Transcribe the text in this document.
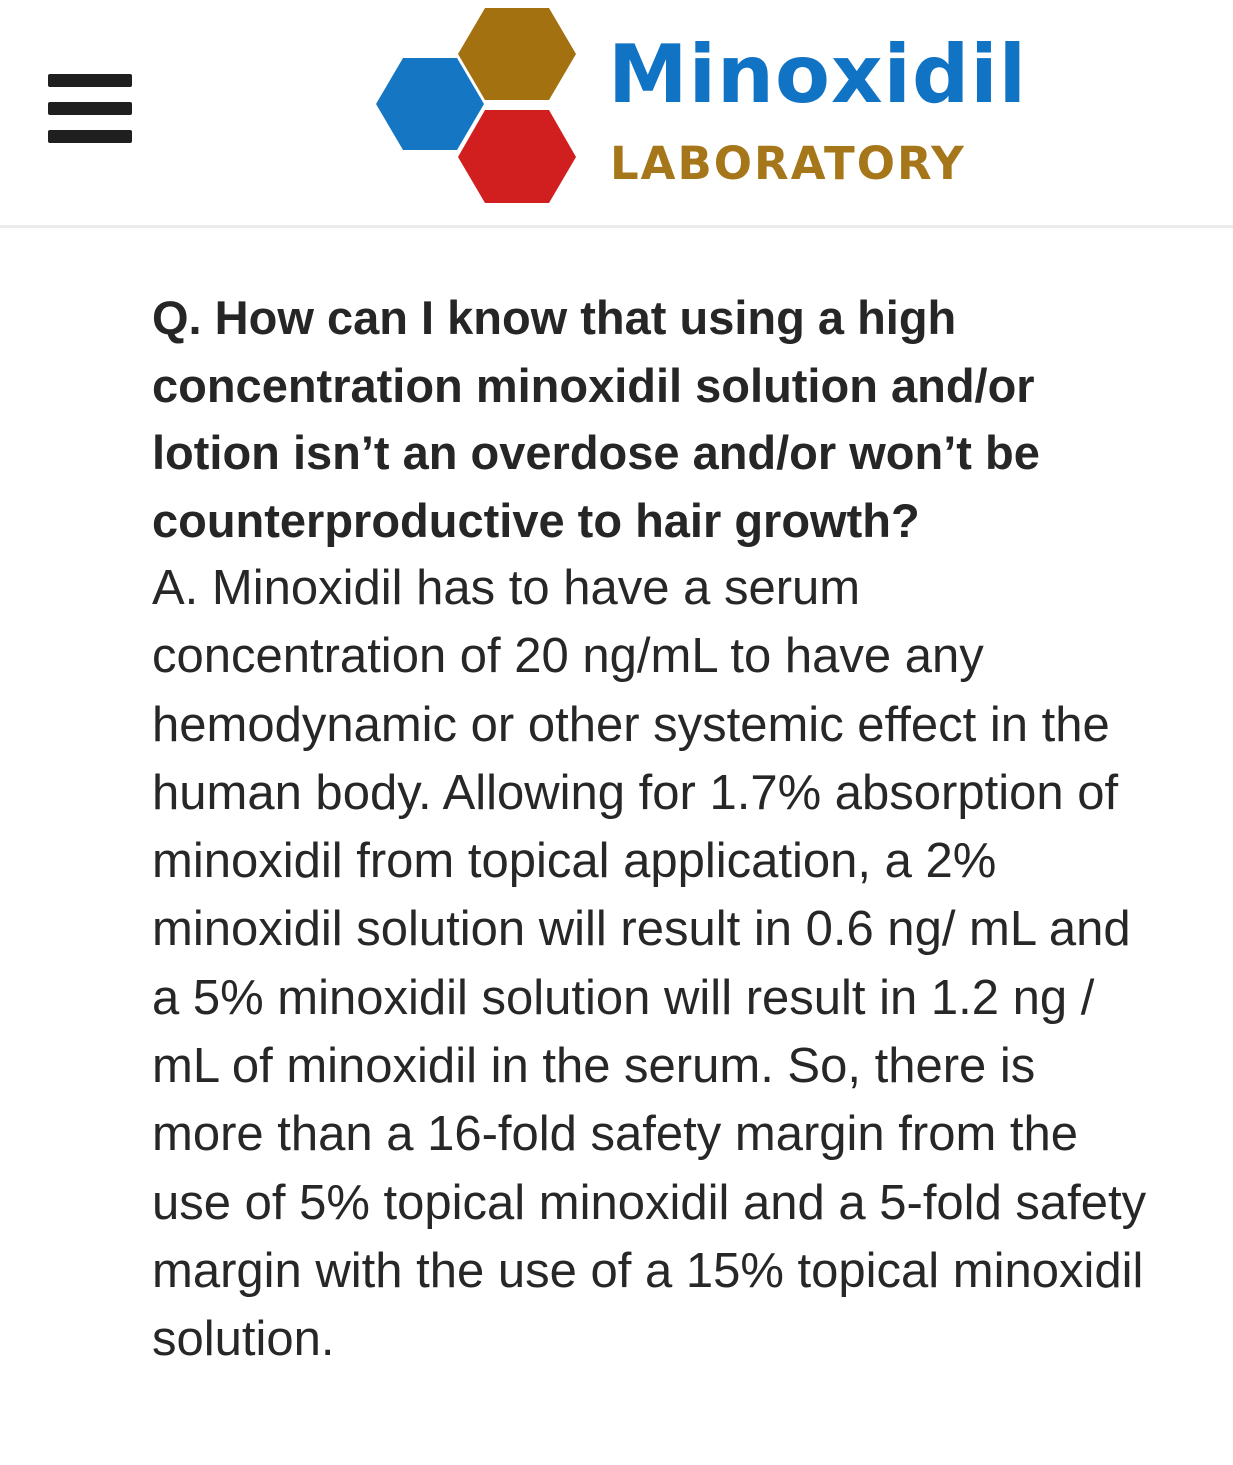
Minoxidil
LABORATORY

Q. How can I know that using a high concentration minoxidil solution and/or lotion isn’t an overdose and/or won’t be counterproductive to hair growth?

A. Minoxidil has to have a serum concentration of 20 ng/mL to have any hemodynamic or other systemic effect in the human body. Allowing for 1.7% absorption of minoxidil from topical application, a 2% minoxidil solution will result in 0.6 ng/ mL and a 5% minoxidil solution will result in 1.2 ng / mL of minoxidil in the serum. So, there is more than a 16-fold safety margin from the use of 5% topical minoxidil and a 5-fold safety margin with the use of a 15% topical minoxidil solution.
